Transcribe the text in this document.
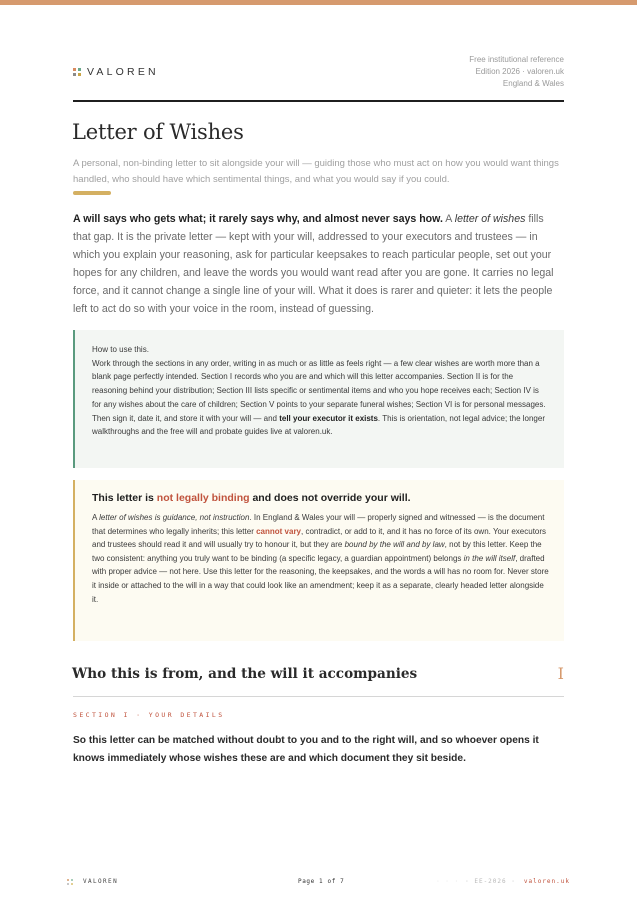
VALOREN
Free institutional reference
Edition 2026 · valoren.uk
England & Wales
Letter of Wishes

A personal, non-binding letter to sit alongside your will — guiding those who must act on how you would want things handled, who should have which sentimental things, and what you would say if you could.

A will says who gets what; it rarely says why, and almost never says how. A letter of wishes fills that gap. It is the private letter — kept with your will, addressed to your executors and trustees — in which you explain your reasoning, ask for particular keepsakes to reach particular people, set out your hopes for any children, and leave the words you would want read after you are gone. It carries no legal force, and it cannot change a single line of your will. What it does is rarer and quieter: it lets the people left to act do so with your voice in the room, instead of guessing.

How to use this.
Work through the sections in any order, writing in as much or as little as feels right — a few clear wishes are worth more than a blank page perfectly intended. Section I records who you are and which will this letter accompanies. Section II is for the reasoning behind your distribution; Section III lists specific or sentimental items and who you hope receives each; Section IV is for any wishes about the care of children; Section V points to your separate funeral wishes; Section VI is for personal messages. Then sign it, date it, and store it with your will — and tell your executor it exists. This is orientation, not legal advice; the longer walkthroughs and the free will and probate guides live at valoren.uk.
This letter is not legally binding and does not override your will.
A letter of wishes is guidance, not instruction. In England & Wales your will — properly signed and witnessed — is the document that determines who legally inherits; this letter cannot vary, contradict, or add to it, and it has no force of its own. Your executors and trustees should read it and will usually try to honour it, but they are bound by the will and by law, not by this letter. Keep the two consistent: anything you truly want to be binding (a specific legacy, a guardian appointment) belongs in the will itself, drafted with proper advice — not here. Use this letter for the reasoning, the keepsakes, and the words a will has no room for. Never store it inside or attached to the will in a way that could look like an amendment; keep it as a separate, clearly headed letter alongside it.
Who this is from, and the will it accompanies	I
SECTION I · YOUR DETAILS

So this letter can be matched without doubt to you and to the right will, and so whoever opens it knows immediately whose wishes these are and which document they sit beside.

VALOREN	Page 1 of 7	· · · · EE-2026 · valoren.uk
